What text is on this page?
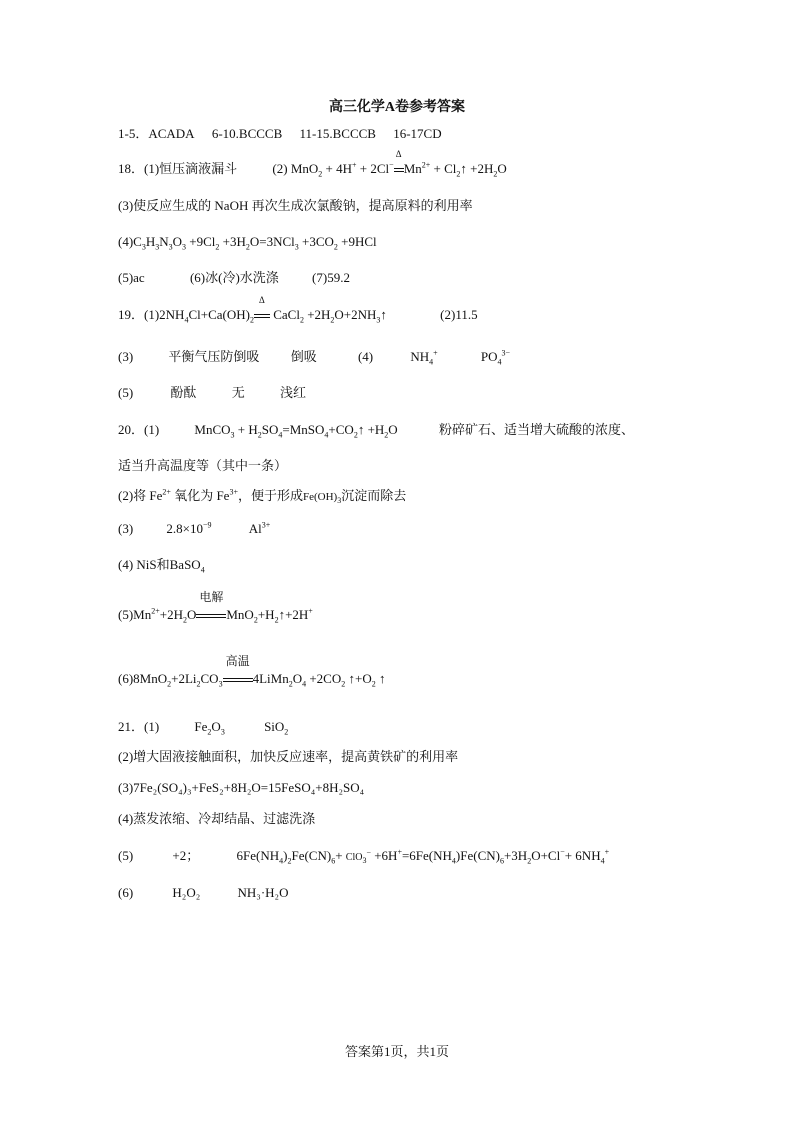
高三化学A卷参考答案
1-5．ACADA 6-10.BCCCB 11-15.BCCCB 16-17CD
18．(1)恒压滴液漏斗	(2) MnO$_2$ + 4H+ + 2Cl−
Δ
$Mn^{2+}$ + $Cl_2↑ +2H_2O$
(3)使反应生成的 NaOH 再次生成次氯酸钠，提高原料的利用率
$(4)C_3H_3N_3O_3 +9Cl_2 +3H_2O=3NCl_3 +3CO_2 +9HCl$
(5)ac	(6)冰(冷)水洗涤	(7)59.2
19．$(1)2NH_4Cl+Ca(OH)_2$
Δ
CaCl$_2$ $+2H_2O+2NH_3↑$	(2)11.5
(3)	平衡气压防倒吸 倒吸	(4)	$NH_4^+$	$PO_4^{3-}$
(5)	酚酞	无	浅红
20．(1)	MnCO$_3$ + $H_2SO_4=MnSO_4+CO_2↑ +H_2O$	粉碎矿石、适当增大硫酸的浓度、
适当升高温度等（其中一条）
(2)将 $Fe^{2+}$ 氧化为 $Fe^{3+}$，便于形成$Fe(OH)_3$沉淀而除去
(3)	$2.8\times 10^{-9}$	$Al^{3+}$
(4) NiS和BaSO$_4$
$(5)Mn^{2+}+2H_2O$
电解
$MnO_2+H_2↑+2H^+$
$(6)8MnO_2+2Li_2CO_3$
高温
$4LiMn_2O_4 +2CO_2$ $↑+O_2$ ↑
21．(1)	$Fe_2O_3$	SiO$_2$
(2)增大固液接触面积，加快反应速率，提高黄铁矿的利用率
(3)7Fe₂(SO₄)₃+FeS₂+8H₂O=15FeSO₄+8H₂SO₄
(4)蒸发浓缩、冷却结晶、过滤洗涤
(5)	+2；	$6Fe(NH_4)_2Fe(CN)_6+ ClO_3^- +6H^+=6Fe(NH_4)Fe(CN)_6+3H_2O+Cl^-+ 6NH_4^+$
(6)	H₂O₂	NH₃·H₂O
答案第1页，共1页
